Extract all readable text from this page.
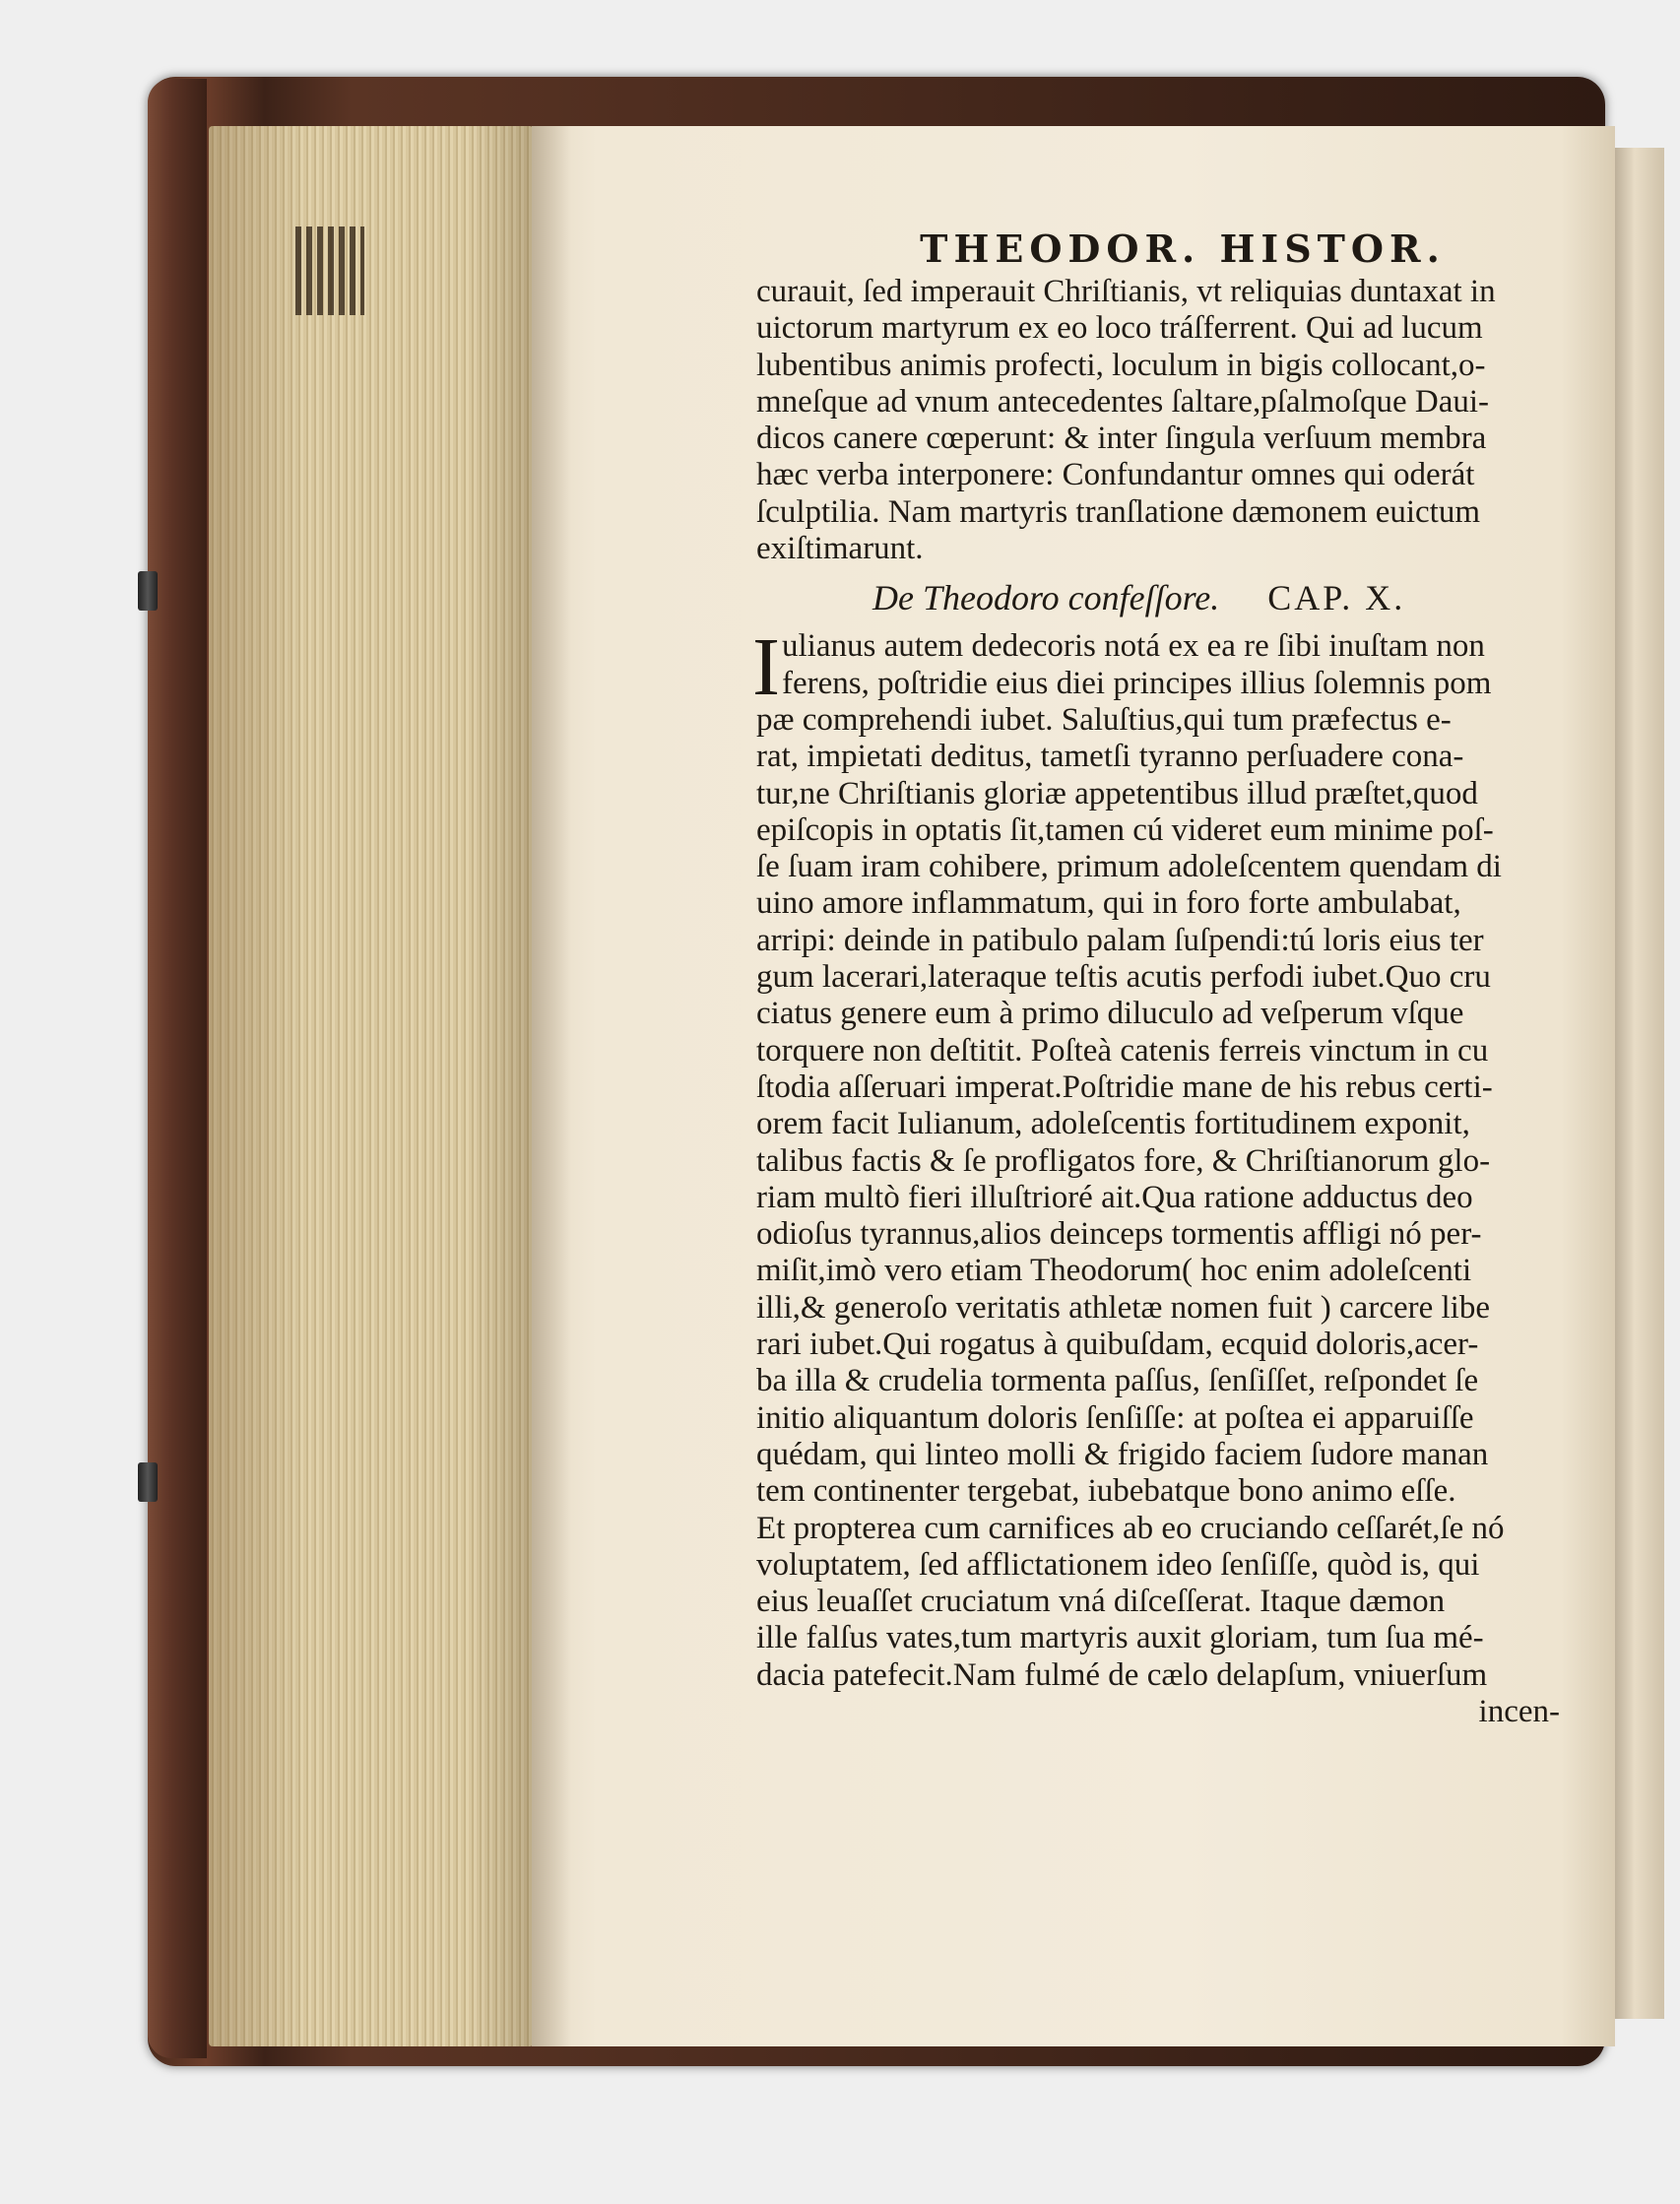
THEODOR. HISTOR.
curauit, ſed imperauit Chriſtianis, vt reliquias duntaxat in
uictorum martyrum ex eo loco tráſferrent. Qui ad lucum
lubentibus animis profecti, loculum in bigis collocant,o-
mneſque ad vnum antecedentes ſaltare,pſalmoſque Daui-
dicos canere cœperunt: & inter ſingula verſuum membra
hæc verba interponere: Confundantur omnes qui oderát
ſculptilia. Nam martyris tranſlatione dæmonem euictum
exiſtimarunt.
De Theodoro confeſſore. CAP. X.
I ulianus autem dedecoris notá ex ea re ſibi inuſtam non
ferens, poſtridie eius diei principes illius ſolemnis pom
pæ comprehendi iubet. Saluſtius,qui tum præfectus e-
rat, impietati deditus, tametſi tyranno perſuadere cona-
tur,ne Chriſtianis gloriæ appetentibus illud præſtet,quod
epiſcopis in optatis ſit,tamen cú videret eum minime poſ-
ſe ſuam iram cohibere, primum adoleſcentem quendam di
uino amore inflammatum, qui in foro forte ambulabat,
arripi: deinde in patibulo palam ſuſpendi:tú loris eius ter
gum lacerari,lateraque teſtis acutis perfodi iubet.Quo cru
ciatus genere eum à primo diluculo ad veſperum vſque
torquere non deſtitit. Poſteà catenis ferreis vinctum in cu
ſtodia aſſeruari imperat.Poſtridie mane de his rebus certi-
orem facit Iulianum, adoleſcentis fortitudinem exponit,
talibus factis & ſe profligatos fore, & Chriſtianorum glo-
riam multò fieri illuſtrioré ait.Qua ratione adductus deo
odioſus tyrannus,alios deinceps tormentis affligi nó per-
miſit,imò vero etiam Theodorum( hoc enim adoleſcenti
illi,& generoſo veritatis athletæ nomen fuit ) carcere libe
rari iubet.Qui rogatus à quibuſdam, ecquid doloris,acer-
ba illa & crudelia tormenta paſſus, ſenſiſſet, reſpondet ſe
initio aliquantum doloris ſenſiſſe: at poſtea ei apparuiſſe
quédam, qui linteo molli & frigido faciem ſudore manan
tem continenter tergebat, iubebatque bono animo eſſe.
Et propterea cum carnifices ab eo cruciando ceſſarét,ſe nó
voluptatem, ſed afflictationem ideo ſenſiſſe, quòd is, qui
eius leuaſſet cruciatum vná diſceſſerat. Itaque dæmon
ille falſus vates,tum martyris auxit gloriam, tum ſua mé-
dacia patefecit.Nam fulmé de cælo delapſum, vniuerſum
incen-
